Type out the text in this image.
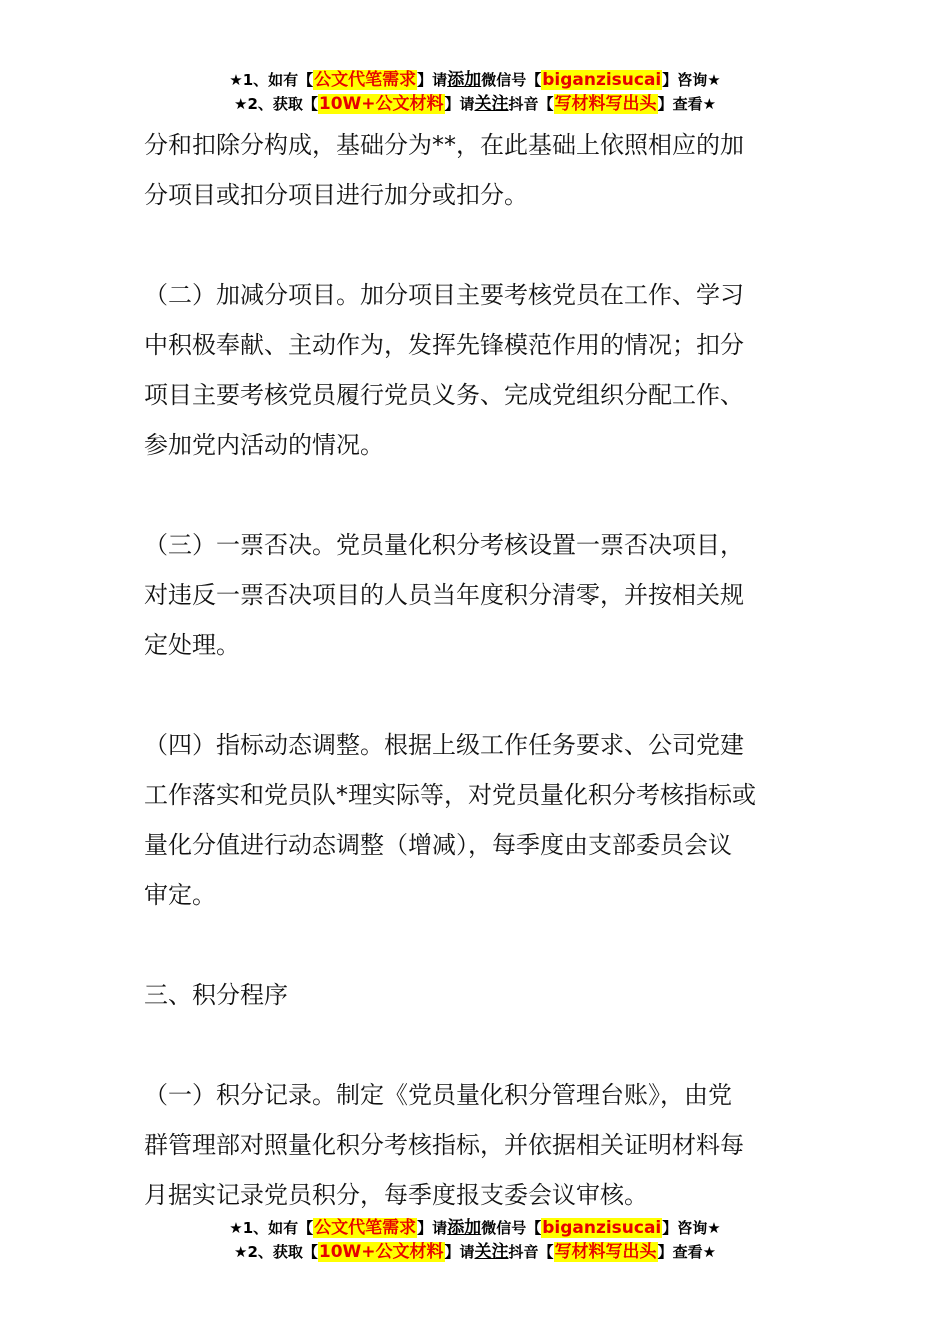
★1、如有【公文代笔需求】请添加微信号【biganzisucai】咨询★
★2、获取【10W+公文材料】请关注抖音【写材料写出头】查看★
分和扣除分构成，基础分为**，在此基础上依照相应的加
分项目或扣分项目进行加分或扣分。
（二）加减分项目。加分项目主要考核党员在工作、学习
中积极奉献、主动作为，发挥先锋模范作用的情况；扣分
项目主要考核党员履行党员义务、完成党组织分配工作、
参加党内活动的情况。
（三）一票否决。党员量化积分考核设置一票否决项目，
对违反一票否决项目的人员当年度积分清零，并按相关规
定处理。
（四）指标动态调整。根据上级工作任务要求、公司党建
工作落实和党员队*理实际等，对党员量化积分考核指标或
量化分值进行动态调整（增减），每季度由支部委员会议
审定。
三、积分程序
（一）积分记录。制定《党员量化积分管理台账》，由党
群管理部对照量化积分考核指标，并依据相关证明材料每
月据实记录党员积分，每季度报支委会议审核。
★1、如有【公文代笔需求】请添加微信号【biganzisucai】咨询★
★2、获取【10W+公文材料】请关注抖音【写材料写出头】查看★
